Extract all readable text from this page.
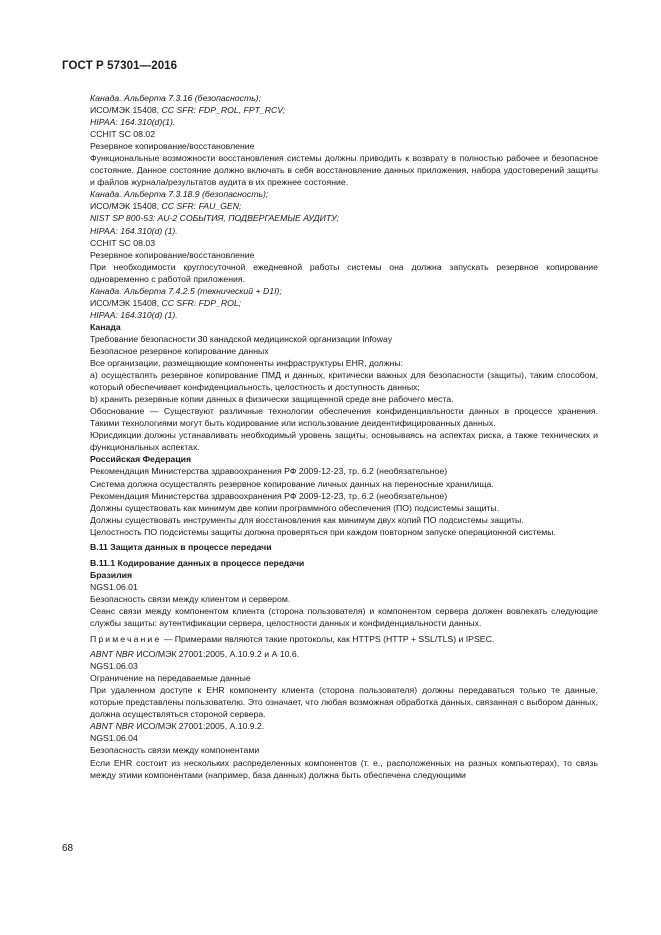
ГОСТ Р 57301—2016
Канада. Альберта 7.3.16 (безопасность);
ИСО/МЭК 15408, CC SFR: FDP_ROL, FPT_RCV;
HIPAA: 164.310(d)(1).
CCHIT SC 08.02
Резервное копирование/восстановление
Функциональные возможности восстановления системы должны приводить к возврату в полностью рабочее и безопасное состояние. Данное состояние должно включать в себя восстановление данных приложения, набора удостоверений защиты и файлов журнала/результатов аудита в их прежнее состояние.
Канада. Альберта 7.3.18.9 (безопасность);
ИСО/МЭК 15408, CC SFR: FAU_GEN;
NIST SP 800-53: AU-2 СОБЫТИЯ, ПОДВЕРГАЕМЫЕ АУДИТУ;
HIPAA: 164.310(d) (1).
CCHIT SC 08.03
Резервное копирование/восстановление
При необходимости круглосуточной ежедневной работы системы она должна запускать резервное копирование одновременно с работой приложения.
Канада. Альберта 7.4.2.5 (технический + D1I);
ИСО/МЭК 15408, CC SFR: FDP_ROL;
HIPAA: 164.310(d) (1).
Канада
Требование безопасности 30 канадской медицинской организации Infoway
Безопасное резервное копирование данных
Все организации, размещающие компоненты инфраструктуры EHR, должны:
а) осуществлять резервное копирование ПМД и данных, критически важных для безопасности (защиты), таким способом, который обеспечивает конфиденциальность, целостность и доступность данных;
b) хранить резервные копии данных в физически защищенной среде вне рабочего места.
Обоснование — Существуют различные технологии обеспечения конфиденциальности данных в процессе хранения. Такими технологиями могут быть кодирование или использование деидентифицированных данных.
Юрисдикции должны устанавливать необходимый уровень защиты, основываясь на аспектах риска, а также технических и функциональных аспектах.
Российская Федерация
Рекомендация Министерства здравоохранения РФ 2009-12-23, тр. 6.2 (необязательное)
Система должна осуществлять резервное копирование личных данных на переносные хранилища.
Рекомендация Министерства здравоохранения РФ 2009-12-23, тр. 6.2 (необязательное)
Должны существовать как минимум две копии программного обеспечения (ПО) подсистемы защиты.
Должны существовать инструменты для восстановления как минимум двух копий ПО подсистемы защиты.
Целостность ПО подсистемы защиты должна проверяться при каждом повторном запуске операционной системы.
В.11 Защита данных в процессе передачи
В.11.1 Кодирование данных в процессе передачи
Бразилия
NGS1.06.01
Безопасность связи между клиентом и сервером.
Сеанс связи между компонентом клиента (сторона пользователя) и компонентом сервера должен вовлекать следующие службы защиты: аутентификации сервера, целостности данных и конфиденциальности данных.
Примечание — Примерами являются такие протоколы, как HTTPS (HTTP + SSL/TLS) и IPSEC.
ABNT NBR ИСО/МЭК 27001:2005, А.10.9.2 и А 10.6.
NGS1.06.03
Ограничение на передаваемые данные
При удаленном доступе к EHR компоненту клиента (сторона пользователя) должны передаваться только те данные, которые представлены пользователю. Это означает, что любая возможная обработка данных, связанная с выбором данных, должна осуществляться стороной сервера.
ABNT NBR ИСО/МЭК 27001:2005, А.10.9.2.
NGS1.06.04
Безопасность связи между компонентами
Если EHR состоит из нескольких распределенных компонентов (т. е., расположенных на разных компьютерах), то связь между этими компонентами (например, база данных) должна быть обеспечена следующими
68
